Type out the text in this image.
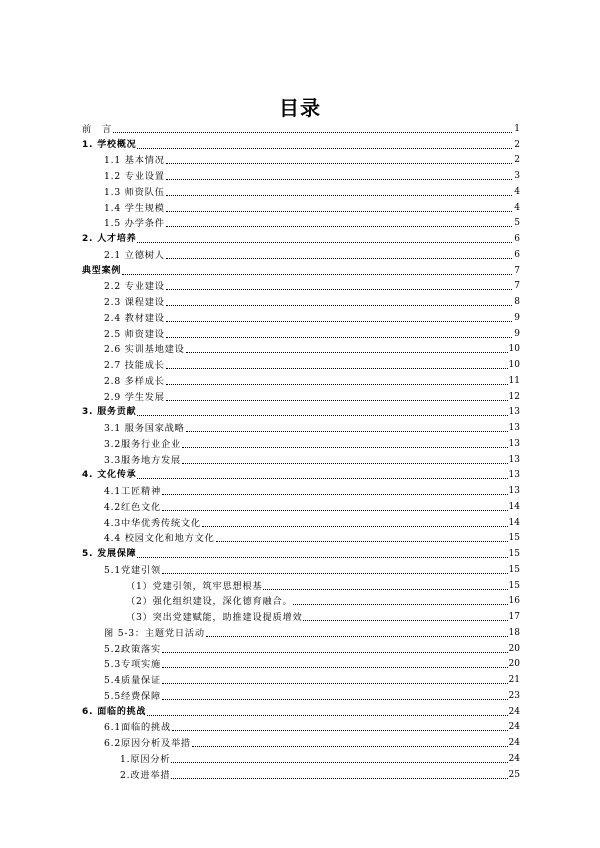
目录
前　言	1
1. 学校概况	2
1.1 基本情况	2
1.2 专业设置	3
1.3 师资队伍	4
1.4 学生规模	4
1.5 办学条件	5
2. 人才培养	6
2.1 立德树人	6
典型案例	7
2.2 专业建设	7
2.3 课程建设	8
2.4 教材建设	9
2.5 师资建设	9
2.6 实训基地建设	10
2.7 技能成长	10
2.8 多样成长	11
2.9 学生发展	12
3. 服务贡献	13
3.1 服务国家战略	13
3.2服务行业企业	13
3.3服务地方发展	13
4. 文化传承	13
4.1工匠精神	13
4.2红色文化	14
4.3中华优秀传统文化	14
4.4 校园文化和地方文化	15
5. 发展保障	15
5.1党建引领	15
（1）党建引领，筑牢思想根基	15
（2）强化组织建设，深化德育融合。	16
（3）突出党建赋能，助推建设提质增效	17
图 5-3：主题党日活动	18
5.2政策落实	20
5.3专项实施	20
5.4质量保证	21
5.5经费保障	23
6. 面临的挑战	24
6.1面临的挑战	24
6.2原因分析及举措	24
1.原因分析	24
2.改进举措	25
